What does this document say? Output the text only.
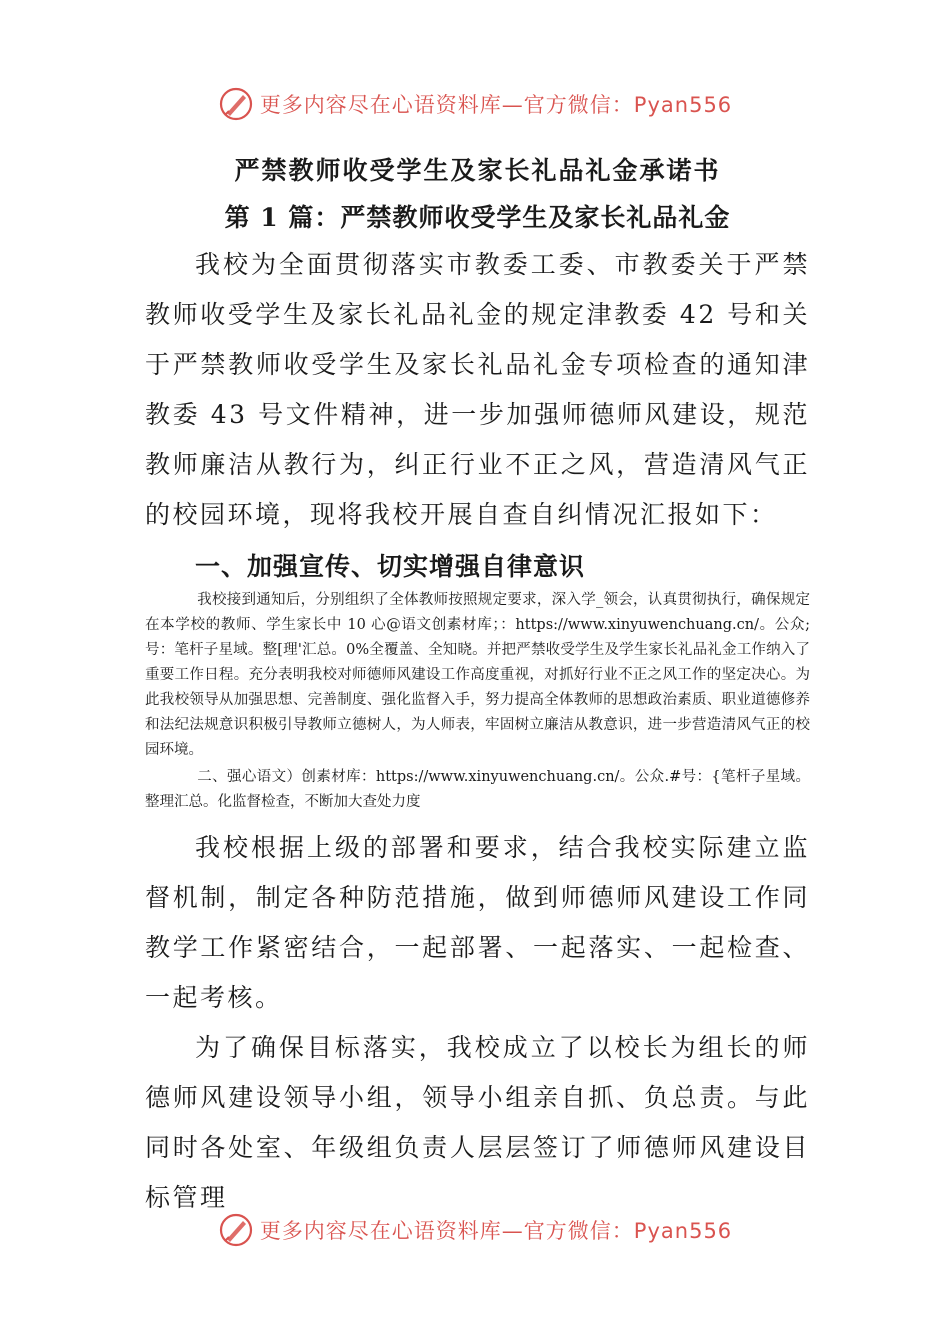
更多内容尽在心语资料库—官方微信：Pyan556
严禁教师收受学生及家长礼品礼金承诺书
第 1 篇：严禁教师收受学生及家长礼品礼金

我校为全面贯彻落实市教委工委、市教委关于严禁教师收受学生及家长礼品礼金的规定津教委 42 号和关于严禁教师收受学生及家长礼品礼金专项检查的通知津教委 43 号文件精神，进一步加强师德师风建设，规范教师廉洁从教行为，纠正行业不正之风，营造清风气正的校园环境，现将我校开展自查自纠情况汇报如下：

一、加强宣传、切实增强自律意识

我校接到通知后，分别组织了全体教师按照规定要求，深入学_领会，认真贯彻执行，确保规定在本学校的教师、学生家长中 10 心@语文创素材库；：https://www.xinyuwenchuang.cn/。公众;号：笔杆子星域。整[理'汇总。0%全覆盖、全知晓。并把严禁收受学生及学生家长礼品礼金工作纳入了重要工作日程。充分表明我校对师德师风建设工作高度重视，对抓好行业不正之风工作的坚定决心。为此我校领导从加强思想、完善制度、强化监督入手，努力提高全体教师的思想政治素质、职业道德修养和法纪法规意识积极引导教师立德树人，为人师表，牢固树立廉洁从教意识，进一步营造清风气正的校园环境。

二、强心语文）创素材库：https://www.xinyuwenchuang.cn/。公众.#号：{笔杆子星域。整理汇总。化监督检查，不断加大查处力度

我校根据上级的部署和要求，结合我校实际建立监督机制，制定各种防范措施，做到师德师风建设工作同教学工作紧密结合，一起部署、一起落实、一起检查、一起考核。

为了确保目标落实，我校成立了以校长为组长的师德师风建设领导小组，领导小组亲自抓、负总责。与此同时各处室、年级组负责人层层签订了师德师风建设目标管理

更多内容尽在心语资料库—官方微信：Pyan556
